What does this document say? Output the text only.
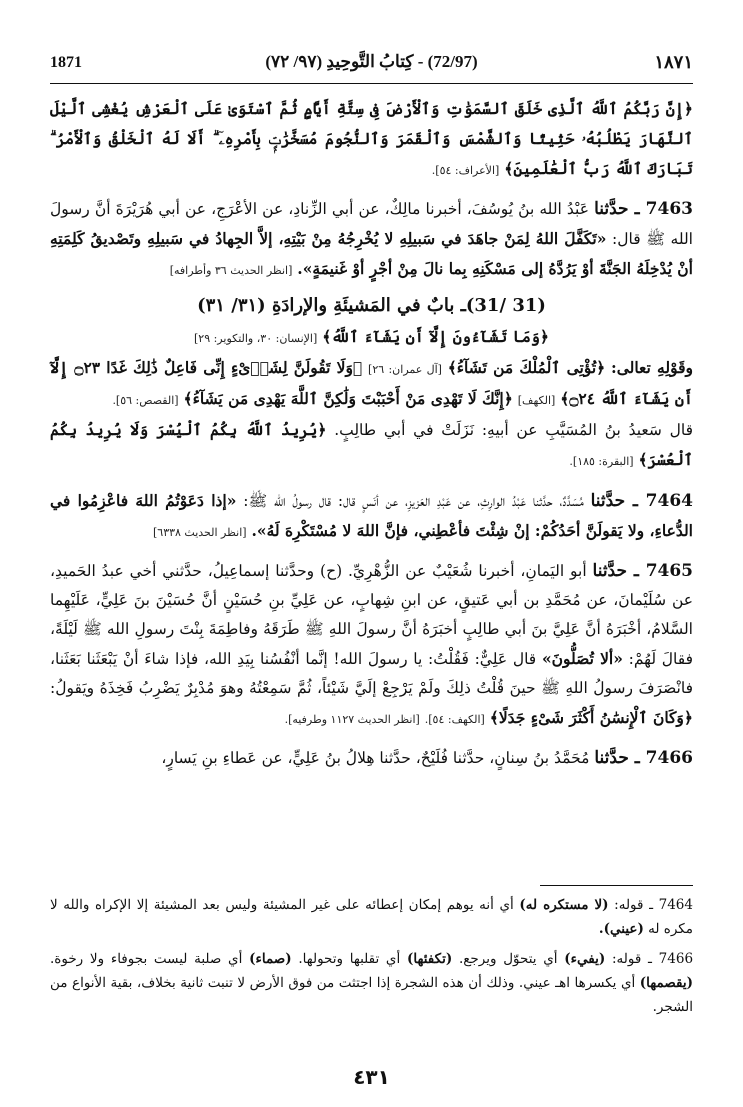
1871	(72/97) - كِتابُ التَّوحِيدِ (٩٧/ ٧٢)	١٨٧١

﴿إِنَّ رَبَّكُمُ ٱللَّهُ ٱلَّذِى خَلَقَ ٱلسَّمَوَٰتِ وَٱلْأَرْضَ فِى سِتَّةِ أَيَّامٍ ثُمَّ ٱسْتَوَىٰ عَلَى ٱلْعَرْشِ يُغْشِى ٱلَّيْلَ ٱلنَّهَارَ يَطْلُبُهُۥ حَثِيثًا وَٱلشَّمْسَ وَٱلْقَمَرَ وَٱلنُّجُومَ مُسَخَّرَٰتٍۭ بِأَمْرِهِۦٓ ۗ أَلَا لَهُ ٱلْخَلْقُ وَٱلْأَمْرُ ۗ تَبَارَكَ ٱللَّهُ رَبُّ ٱلْعَٰلَمِينَ﴾ [الأعراف: ٥٤].

7463 ـ حدَّثنا عَبْدُ الله بنُ يُوسُفَ، أخبرنا مالِكٌ، عن أبي الزِّنادِ، عن الأعْرَجِ، عن أبي هُرَيْرَةَ أنَّ رسولَ الله ﷺ قال: «تَكَفَّلَ اللهُ لِمَنْ جاهَدَ في سَبيلِهِ لا يُخْرِجُهُ مِنْ بَيْتِهِ، إلاَّ الجِهادُ في سَبيلِهِ وتَصْديقُ كَلِمَتِهِ أنْ يُدْخِلَهُ الجَنَّةَ أوْ يَرُدَّهُ إلى مَسْكَنِهِ بِما نالَ مِنْ أجْرٍ أوْ غَنيمَةٍ». [انظر الحديث ٣٦ وأطرافه]

(31 /31)ـ بابٌ في المَشيئَةِ والإرادَةِ (٣١/ ٣١)

﴿وَمَا تَشَآءُونَ إِلَّآ أَن يَشَآءَ ٱللَّهُ﴾ [الإنسان: ٣٠، والتكوير: ٢٩]

وقَوْلِهِ تعالى: ﴿تُؤْتِى ٱلْمُلْكَ مَن تَشَآءُ﴾ [آل عمران: ٢٦] ﴿وَلَا تَقُولَنَّ لِشَا۟ىْءٍ إِنِّى فَاعِلٌ ذَٰلِكَ غَدًا ۝٢٣ إِلَّآ أَن يَشَآءَ ٱللَّهُ ۝٢٤﴾ [الكهف] ﴿إِنَّكَ لَا تَهْدِى مَنْ أَحْبَبْتَ وَلَٰكِنَّ ٱللَّهَ يَهْدِى مَن يَشَآءُ﴾ [القصص: ٥٦].

قال سَعيدُ بنُ المُسَيَّبِ عن أبيهِ: نَزَلَتْ في أبي طالِبٍ. ﴿يُرِيدُ ٱللَّهُ بِكُمُ ٱلْيُسْرَ وَلَا يُرِيدُ بِكُمُ ٱلْعُسْرَ﴾ [البقرة: ١٨٥].

7464 ـ حدَّثنا مُسَدَّدٌ، حدَّثنا عَبْدُ الوارِثِ، عن عَبْدِ العَزيزِ، عن أنَسٍ قال: قال رسولُ الله ﷺ: «إذا دَعَوْتُمُ اللهَ فاعْزِمُوا في الدُّعاءِ، ولا يَقولَنَّ أحَدُكُمْ: إنْ شِئْتَ فأعْطِني، فإنَّ اللهَ لا مُسْتَكْرِهَ لَهُ». [انظر الحديث ٦٣٣٨]

7465 ـ حدَّثنا أبو اليَمانِ، أخبرنا شُعَيْبٌ عن الزُّهْرِيِّ. (ح) وحدَّثنا إسماعِيلُ، حدَّثني أخي عبدُ الحَميدِ، عن سُلَيْمانَ، عن مُحَمَّدِ بن أبي عَتيقٍ، عن ابنِ شِهابٍ، عن عَلِيِّ بنِ حُسَيْنٍ أنَّ حُسَيْنَ بنَ عَلِيٍّ، عَلَيْهِما السَّلامُ، أخْبَرَهُ أنَّ عَلِيَّ بنَ أبي طالِبٍ أخبَرَهُ أنَّ رسولَ اللهِ ﷺ طَرَقَهُ وفاطِمَةَ بِنْتَ رسولِ الله ﷺ لَيْلَةً، فقالَ لَهُمْ: «ألا تُصَلُّونَ» قال عَلِيٌّ: فَقُلْتُ: يا رسولَ الله! إنَّما أنْفُسُنا بِيَدِ الله، فإذا شاءَ أنْ يَبْعَثَنا بَعَثَنا، فانْصَرَفَ رسولُ اللهِ ﷺ حينَ قُلْتُ ذلِكَ ولَمْ يَرْجِعْ إلَيَّ شَيْئاً، ثُمَّ سَمِعْتُهُ وهوَ مُدْبِرٌ يَضْرِبُ فَخِذَهُ ويَقولُ: ﴿وَكَانَ ٱلْإِنسَٰنُ أَكْثَرَ شَىْءٍ جَدَلًا﴾ [الكهف: ٥٤]. [انظر الحديث ١١٢٧ وطرفيه].

7466 ـ حدَّثنا مُحَمَّدُ بنُ سِنانٍ، حدَّثنا فُلَيْحٌ، حدَّثنا هِلالُ بنُ عَلِيٍّ، عن عَطاءِ بنِ يَسارٍ،

7464 ـ قوله: (لا مستكره له) أي أنه يوهم إمكان إعطائه على غير المشيئة وليس بعد المشيئة إلا الإكراه والله لا مكره له (عيني).

7466 ـ قوله: (يفيء) أي يتحوّل ويرجع. (تكفئها) أي تقلبها وتحولها. (صماء) أي صلبة ليست بجوفاء ولا رخوة. (يقصمها) أي يكسرها اهـ عيني. وذلك أن هذه الشجرة إذا اجتثت من فوق الأرض لا تنبت ثانية بخلاف، بقية الأنواع من الشجر.

٤٣١
